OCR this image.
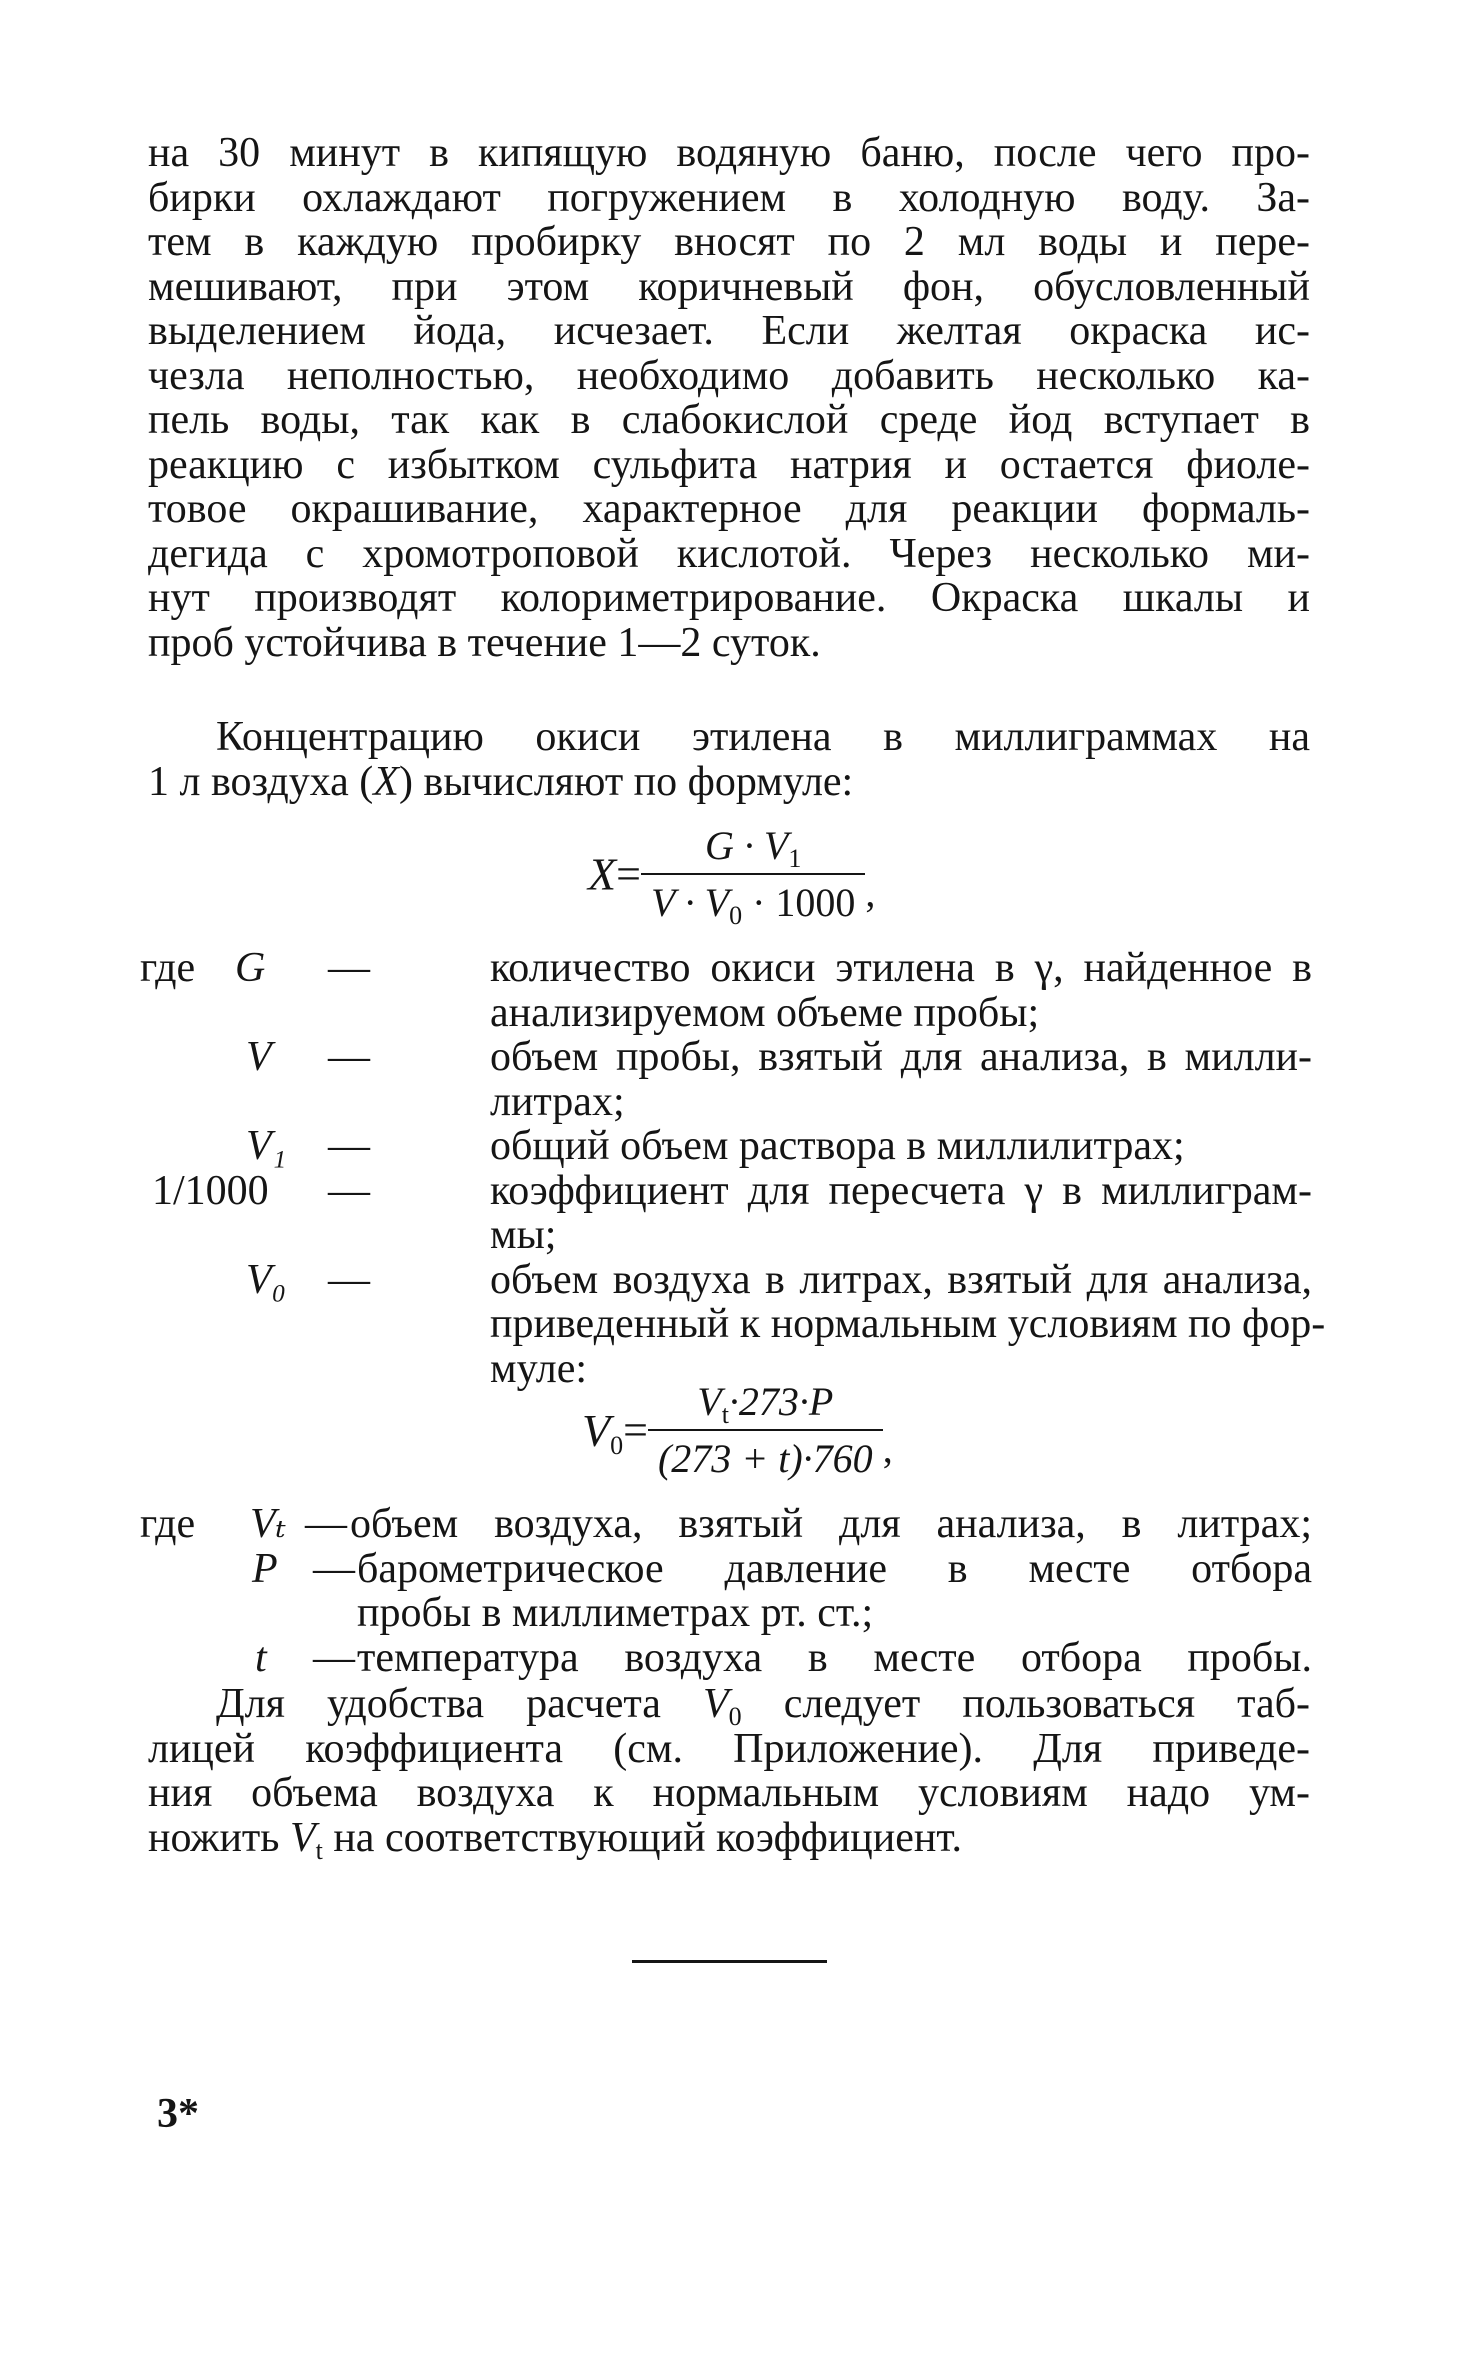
на 30 минут в кипящую водяную баню, после чего про-
бирки охлаждают погружением в холодную воду. За-
тем в каждую пробирку вносят по 2 мл воды и пере-
мешивают, при этом коричневый фон, обусловленный
выделением йода, исчезает. Если желтая окраска ис-
чезла неполностью, необходимо добавить несколько ка-
пель воды, так как в слабокислой среде йод вступает в
реакцию с избытком сульфита натрия и остается фиоле-
товое окрашивание, характерное для реакции формаль-
дегида с хромотроповой кислотой. Через несколько ми-
нут производят колориметрирование. Окраска шкалы и
проб устойчива в течение 1—2 суток.
Концентрацию окиси этилена в миллиграммах на
1 л воздуха (X) вычисляют по формуле:
$X= \frac{G \cdot V_1}{V \cdot V_0 \cdot 1000}$ ,
где G —	количество окиси этилена в γ, найденное в
анализируемом объеме пробы;
V —	объем пробы, взятый для анализа, в милли-
литрах;
V₁ —	общий объем раствора в миллилитрах;
1/1000 —	коэффициент для пересчета γ в миллиграм-
мы;
V₀ —	объем воздуха в литрах, взятый для анализа,
приведенный к нормальным условиям по фор-
муле:
$V0= \frac{V_t\cdot 273\cdot P}{(273 + t)\cdot 760}$ ,
где Vₜ — объем воздуха, взятый для анализа, в литрах;
P — барометрическое давление в месте отбора
пробы в миллиметрах рт. ст.;
t — температура воздуха в месте отбора пробы.
Для удобства расчета V0 следует пользоваться таб-
лицей коэффициента (см. Приложение). Для приведе-
ния объема воздуха к нормальным условиям надо ум-
ножить Vt на соответствующий коэффициент.
3*
